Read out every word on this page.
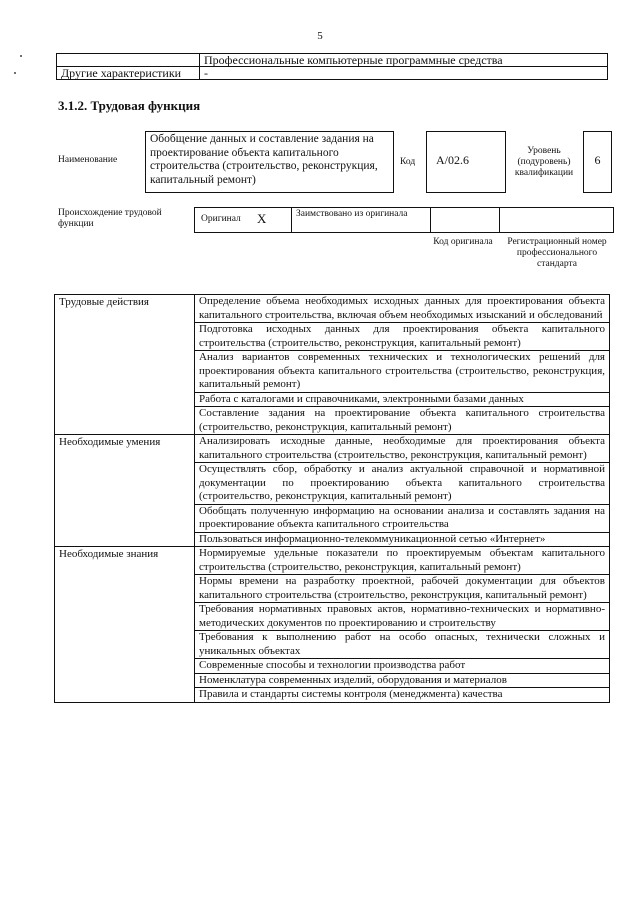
5
	Профессиональные компьютерные программные средства
Другие характеристики	-
3.1.2. Трудовая функция
Наименование
Обобщение данных и составление задания на проектирование объекта капитального строительства (строительство, реконструкция, капитальный ремонт)
Код	A/02.6
Уровень (подуровень) квалификации
6
Происхождение трудовой функции	Оригинал X	Заимствовано из оригинала
Код оригинала	Регистрационный номер профессионального стандарта
Трудовые действия	Определение объема необходимых исходных данных для проектирования объекта капитального строительства, включая объем необходимых изысканий и обследований
	Подготовка исходных данных для проектирования объекта капитального строительства (строительство, реконструкция, капитальный ремонт)
	Анализ вариантов современных технических и технологических решений для проектирования объекта капитального строительства (строительство, реконструкция, капитальный ремонт)
	Работа с каталогами и справочниками, электронными базами данных
	Составление задания на проектирование объекта капитального строительства (строительство, реконструкция, капитальный ремонт)
Необходимые умения	Анализировать исходные данные, необходимые для проектирования объекта капитального строительства (строительство, реконструкция, капитальный ремонт)
	Осуществлять сбор, обработку и анализ актуальной справочной и нормативной документации по проектированию объекта капитального строительства (строительство, реконструкция, капитальный ремонт)
	Обобщать полученную информацию на основании анализа и составлять задания на проектирование объекта капитального строительства
	Пользоваться информационно-телекоммуникационной сетью «Интернет»
Необходимые знания	Нормируемые удельные показатели по проектируемым объектам капитального строительства (строительство, реконструкция, капитальный ремонт)
	Нормы времени на разработку проектной, рабочей документации для объектов капитального строительства (строительство, реконструкция, капитальный ремонт)
	Требования нормативных правовых актов, нормативно-технических и нормативно-методических документов по проектированию и строительству
	Требования к выполнению работ на особо опасных, технически сложных и уникальных объектах
	Современные способы и технологии производства работ
	Номенклатура современных изделий, оборудования и материалов
	Правила и стандарты системы контроля (менеджмента) качества
